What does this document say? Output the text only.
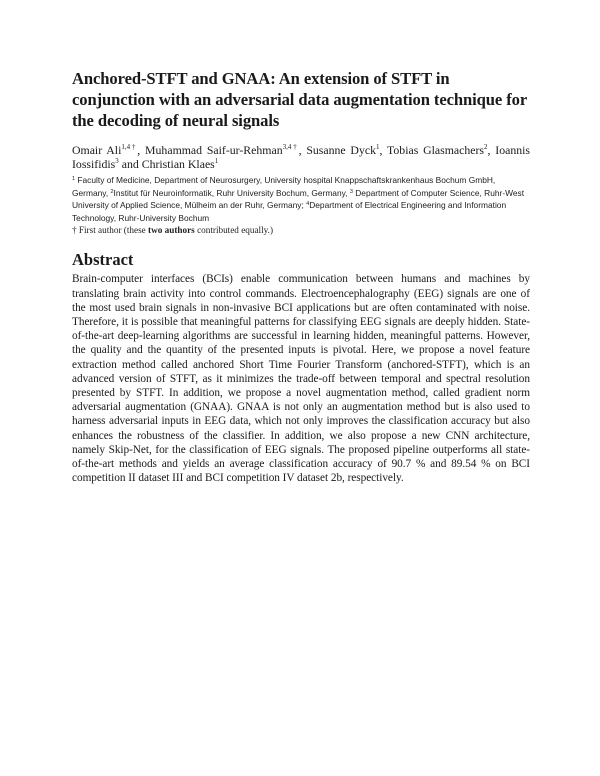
Anchored-STFT and GNAA: An extension of STFT in conjunction with an adversarial data augmentation technique for the decoding of neural signals
Omair Ali$^{1,4\dagger}$, Muhammad Saif-ur-Rehman$^{3,4\dagger}$, Susanne Dyck$^1$, Tobias Glasmachers$^2$, Ioannis Iossifidis$^3$ and Christian Klaes$^1$
$^1$ Faculty of Medicine, Department of Neurosurgery, University hospital Knappschaftskrankenhaus Bochum GmbH, Germany, $^2$Institut für Neuroinformatik, Ruhr University Bochum, Germany, $^3$ Department of Computer Science, Ruhr-West University of Applied Science, Mülheim an der Ruhr, Germany; $^4$Department of Electrical Engineering and Information Technology, Ruhr-University Bochum
† First author (these two authors contributed equally.)
Abstract

Brain-computer interfaces (BCIs) enable communication between humans and machines by translating brain activity into control commands. Electroencephalography (EEG) signals are one of the most used brain signals in non-invasive BCI applications but are often contaminated with noise. Therefore, it is possible that meaningful patterns for classifying EEG signals are deeply hidden. State-of-the-art deep-learning algorithms are successful in learning hidden, meaningful patterns. However, the quality and the quantity of the presented inputs is pivotal. Here, we propose a novel feature extraction method called anchored Short Time Fourier Transform (anchored-STFT), which is an advanced version of STFT, as it minimizes the trade-off between temporal and spectral resolution presented by STFT. In addition, we propose a novel augmentation method, called gradient norm adversarial augmentation (GNAA). GNAA is not only an augmentation method but is also used to harness adversarial inputs in EEG data, which not only improves the classification accuracy but also enhances the robustness of the classifier. In addition, we also propose a new CNN architecture, namely Skip-Net, for the classification of EEG signals. The proposed pipeline outperforms all state-of-the-art methods and yields an average classification accuracy of 90.7 % and 89.54 % on BCI competition II dataset III and BCI competition IV dataset 2b, respectively.
